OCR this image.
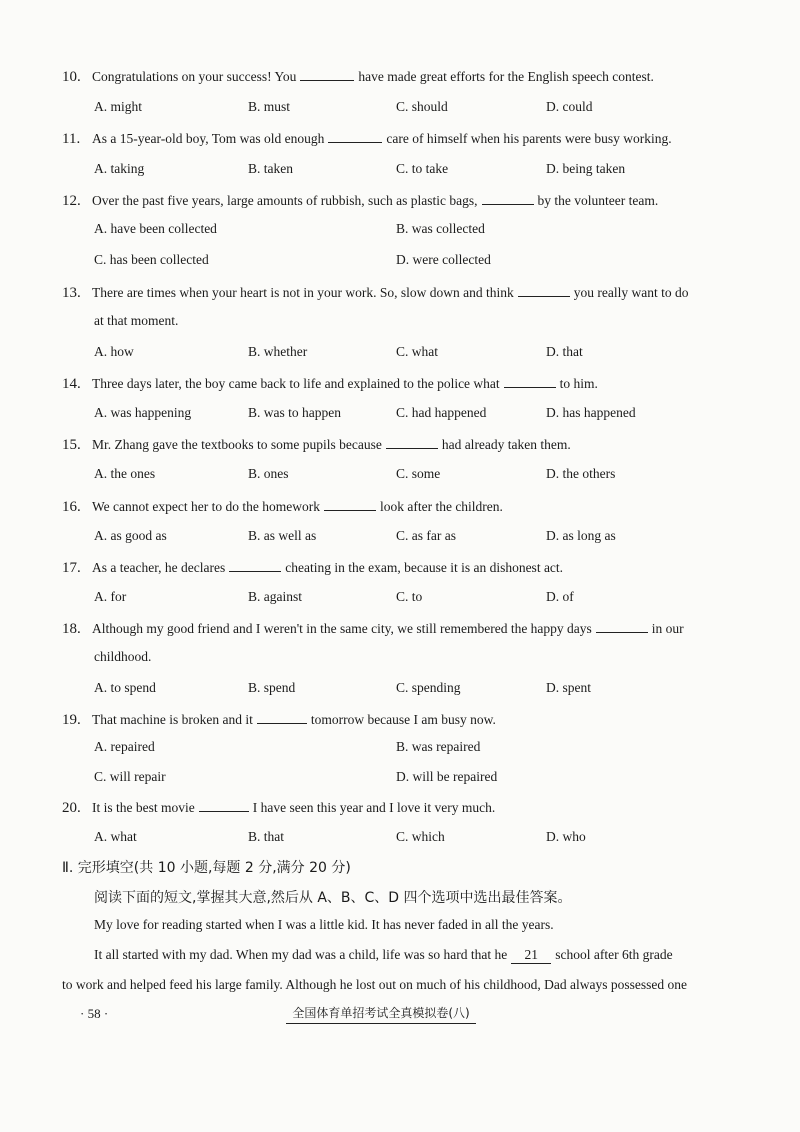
10. Congratulations on your success! You	have made great efforts for the English speech contest.
A. might	B. must	C. should	D. could
11. As a 15-year-old boy, Tom was old enough	care of himself when his parents were busy working.
A. taking	B. taken	C. to take	D. being taken
12. Over the past five years, large amounts of rubbish, such as plastic bags,	by the volunteer team.
A. have been collected	B. was collected
C. has been collected	D. were collected
13. There are times when your heart is not in your work. So, slow down and think	you really want to do
at that moment.
A. how	B. whether	C. what	D. that
14. Three days later, the boy came back to life and explained to the police what	to him.
A. was happening	B. was to happen	C. had happened	D. has happened
15. Mr. Zhang gave the textbooks to some pupils because	had already taken them.
A. the ones	B. ones	C. some	D. the others
16. We cannot expect her to do the homework	look after the children.
A. as good as	B. as well as	C. as far as	D. as long as
17. As a teacher, he declares	cheating in the exam, because it is an dishonest act.
A. for	B. against	C. to	D. of
18. Although my good friend and I weren't in the same city, we still remembered the happy days	in our
childhood.
A. to spend	B. spend	C. spending	D. spent
19. That machine is broken and it	tomorrow because I am busy now.
A. repaired	B. was repaired
C. will repair	D. will be repaired
20. It is the best movie	I have seen this year and I love it very much.
A. what	B. that	C. which	D. who
Ⅱ. 完形填空(共 10 小题,每题 2 分,满分 20 分)
阅读下面的短文,掌握其大意,然后从 A、B、C、D 四个选项中选出最佳答案。
My love for reading started when I was a little kid. It has never faded in all the years.
It all started with my dad. When my dad was a child, life was so hard that he 21 school after 6th grade
to work and helped feed his large family. Although he lost out on much of his childhood, Dad always possessed one
· 58 ·	全国体育单招考试全真模拟卷(八)
